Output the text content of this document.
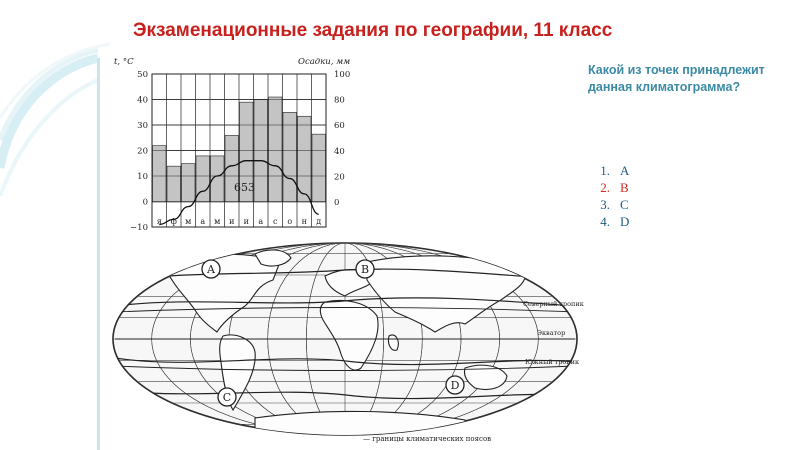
Экзаменационные задания по географии, 11 класс
Какой из точек принадлежит данная климатограмма?
1. A
2. B
3. C
4. D
50
40
30
20
10
0
−10
100
80
60
40
20
0
я ф м а м и и а с о н д
t, °C	Осадки, мм
653
Северный тропик
Экватор
Южный тропик
A	B
C
D
— границы климатических поясов
